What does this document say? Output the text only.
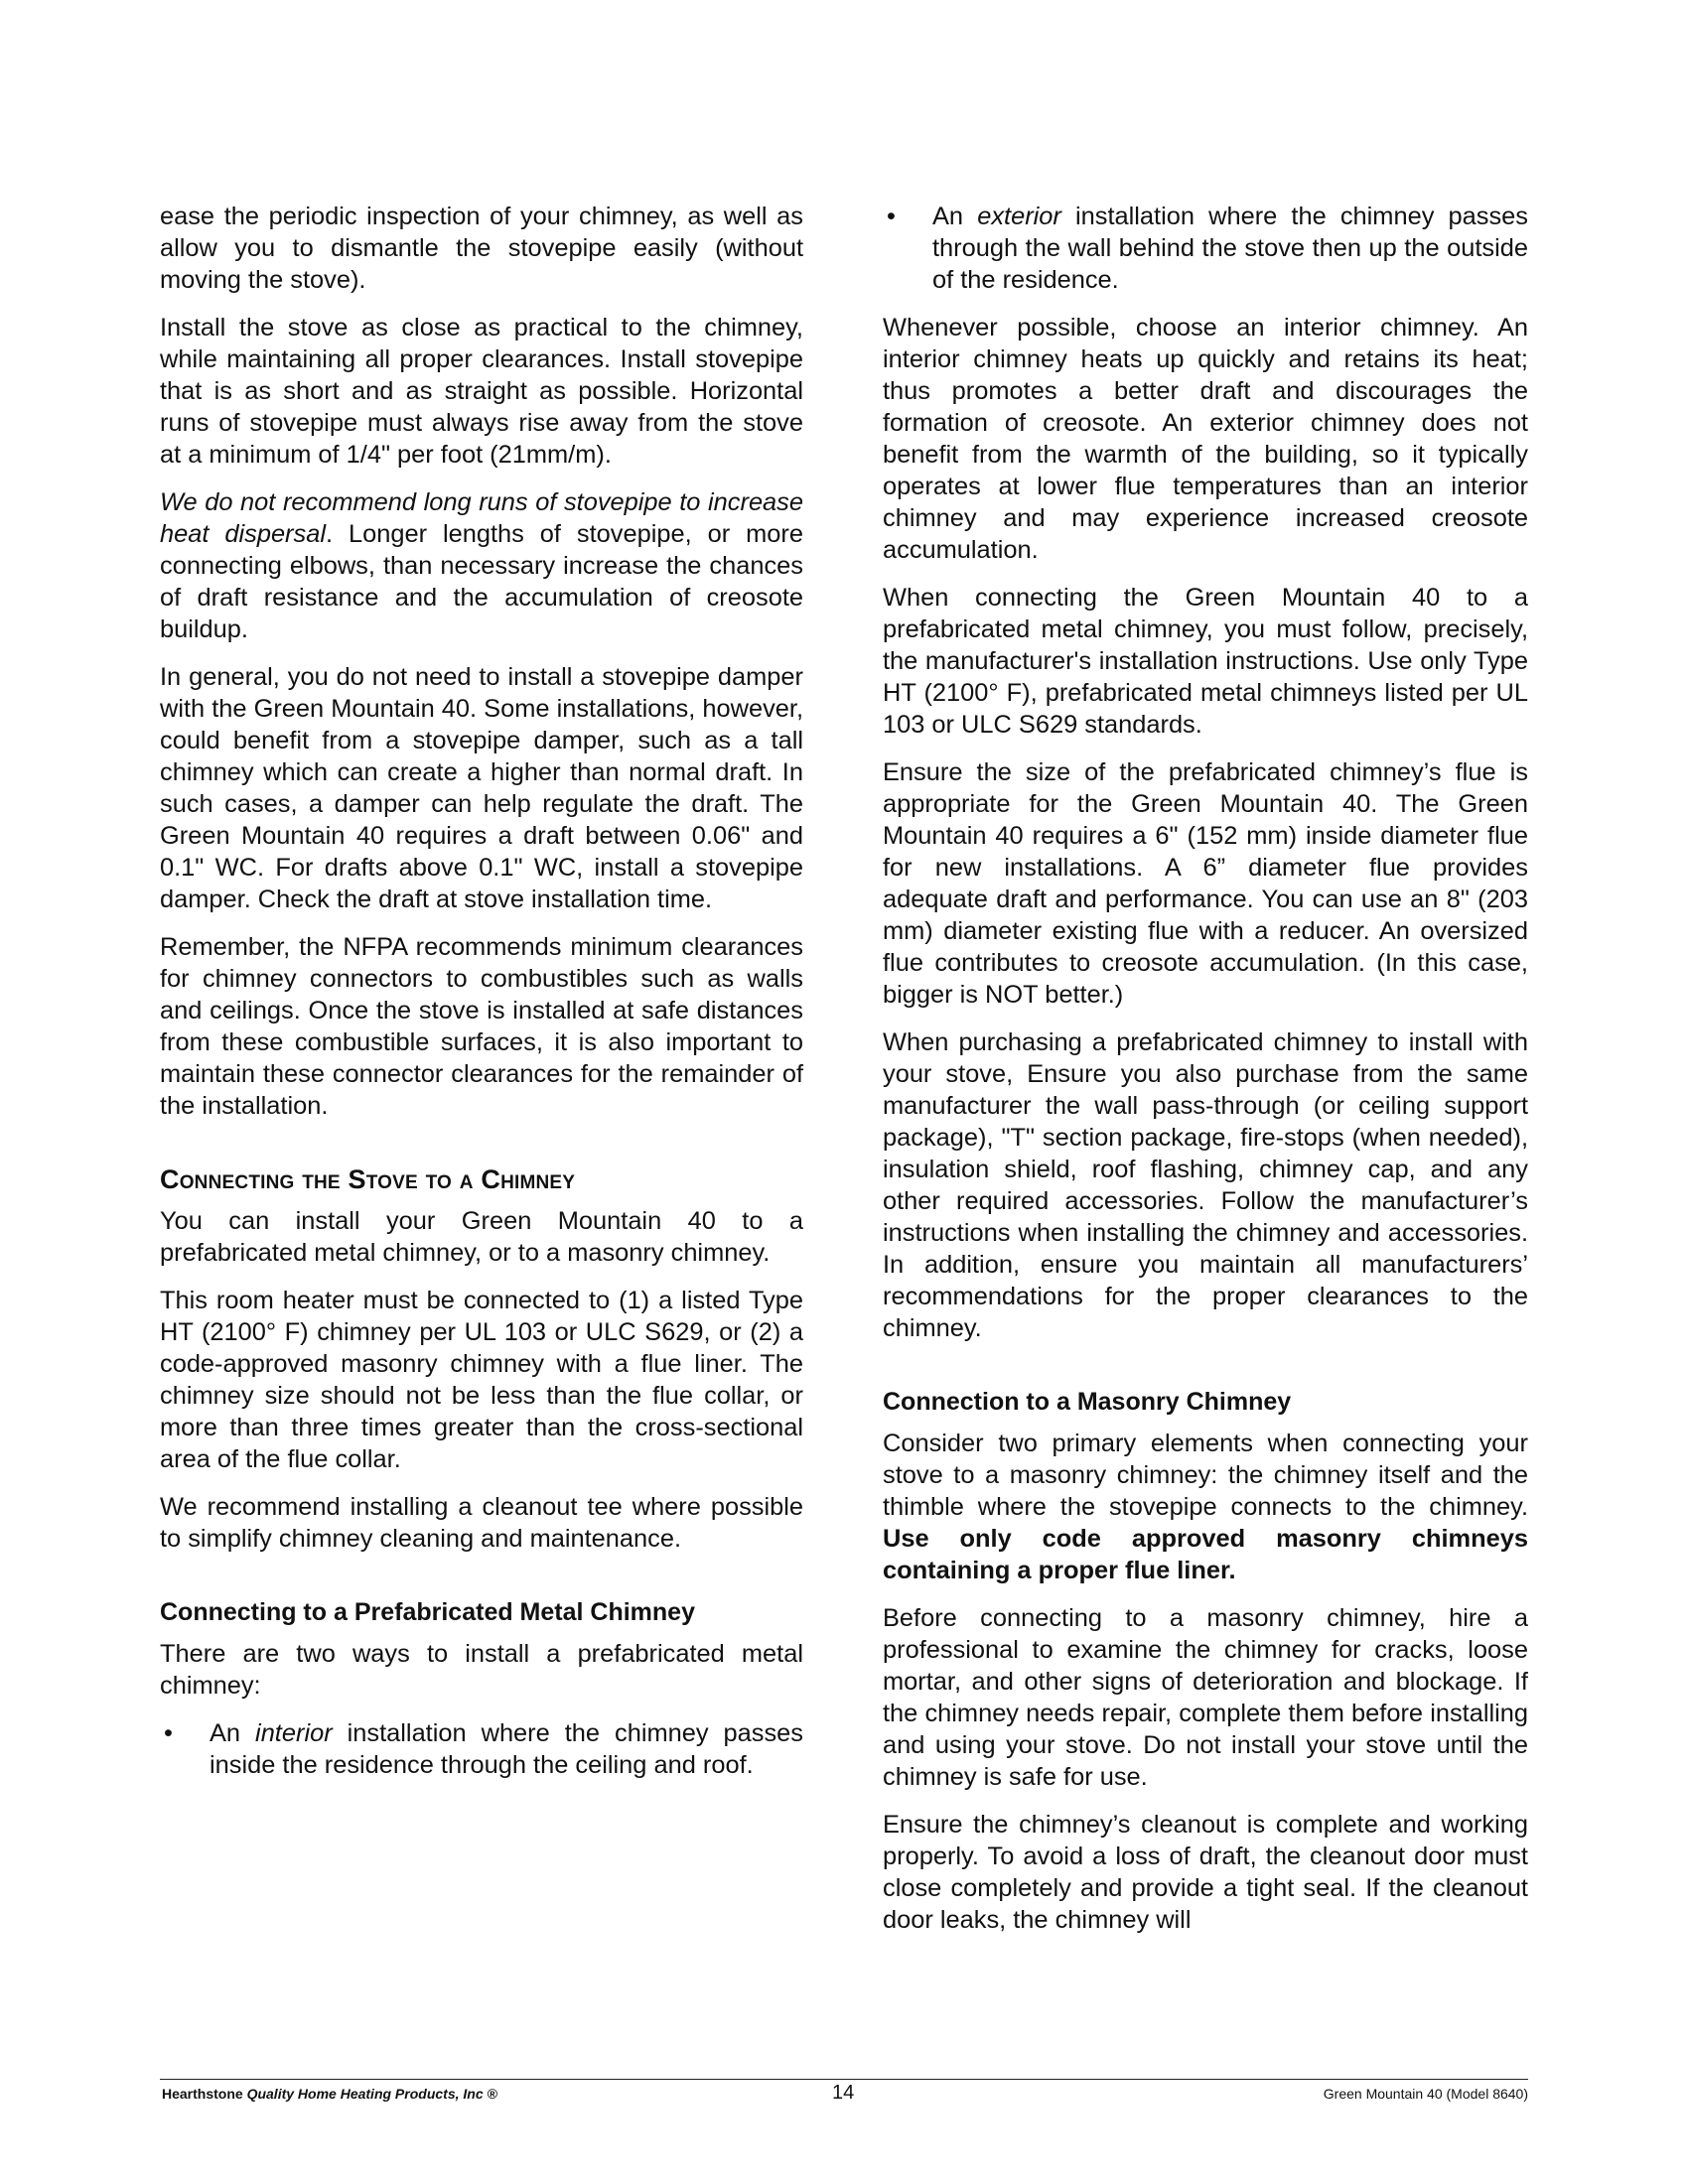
ease the periodic inspection of your chimney, as well as allow you to dismantle the stovepipe easily (without moving the stove).

Install the stove as close as practical to the chimney, while maintaining all proper clearances. Install stovepipe that is as short and as straight as possible. Horizontal runs of stovepipe must always rise away from the stove at a minimum of 1/4" per foot (21mm/m).

We do not recommend long runs of stovepipe to increase heat dispersal. Longer lengths of stovepipe, or more connecting elbows, than necessary increase the chances of draft resistance and the accumulation of creosote buildup.

In general, you do not need to install a stovepipe damper with the Green Mountain 40. Some installations, however, could benefit from a stovepipe damper, such as a tall chimney which can create a higher than normal draft. In such cases, a damper can help regulate the draft. The Green Mountain 40 requires a draft between 0.06" and 0.1" WC. For drafts above 0.1" WC, install a stovepipe damper. Check the draft at stove installation time.

Remember, the NFPA recommends minimum clearances for chimney connectors to combustibles such as walls and ceilings. Once the stove is installed at safe distances from these combustible surfaces, it is also important to maintain these connector clearances for the remainder of the installation.

Connecting the Stove to a Chimney

You can install your Green Mountain 40 to a prefabricated metal chimney, or to a masonry chimney.

This room heater must be connected to (1) a listed Type HT (2100° F) chimney per UL 103 or ULC S629, or (2) a code-approved masonry chimney with a flue liner. The chimney size should not be less than the flue collar, or more than three times greater than the cross-sectional area of the flue collar.

We recommend installing a cleanout tee where possible to simplify chimney cleaning and maintenance.

Connecting to a Prefabricated Metal Chimney

There are two ways to install a prefabricated metal chimney:

• An interior installation where the chimney passes inside the residence through the ceiling and roof.
• An exterior installation where the chimney passes through the wall behind the stove then up the outside of the residence.

Whenever possible, choose an interior chimney. An interior chimney heats up quickly and retains its heat; thus promotes a better draft and discourages the formation of creosote. An exterior chimney does not benefit from the warmth of the building, so it typically operates at lower flue temperatures than an interior chimney and may experience increased creosote accumulation.

When connecting the Green Mountain 40 to a prefabricated metal chimney, you must follow, precisely, the manufacturer's installation instructions. Use only Type HT (2100° F), prefabricated metal chimneys listed per UL 103 or ULC S629 standards.

Ensure the size of the prefabricated chimney’s flue is appropriate for the Green Mountain 40. The Green Mountain 40 requires a 6" (152 mm) inside diameter flue for new installations. A 6” diameter flue provides adequate draft and performance. You can use an 8" (203 mm) diameter existing flue with a reducer. An oversized flue contributes to creosote accumulation. (In this case, bigger is NOT better.)

When purchasing a prefabricated chimney to install with your stove, Ensure you also purchase from the same manufacturer the wall pass-through (or ceiling support package), "T" section package, fire-stops (when needed), insulation shield, roof flashing, chimney cap, and any other required accessories. Follow the manufacturer’s instructions when installing the chimney and accessories. In addition, ensure you maintain all manufacturers’ recommendations for the proper clearances to the chimney.

Connection to a Masonry Chimney

Consider two primary elements when connecting your stove to a masonry chimney: the chimney itself and the thimble where the stovepipe connects to the chimney. Use only code approved masonry chimneys containing a proper flue liner.

Before connecting to a masonry chimney, hire a professional to examine the chimney for cracks, loose mortar, and other signs of deterioration and blockage. If the chimney needs repair, complete them before installing and using your stove. Do not install your stove until the chimney is safe for use.

Ensure the chimney’s cleanout is complete and working properly. To avoid a loss of draft, the cleanout door must close completely and provide a tight seal. If the cleanout door leaks, the chimney will

Hearthstone Quality Home Heating Products, Inc ®	14	Green Mountain 40 (Model 8640)
